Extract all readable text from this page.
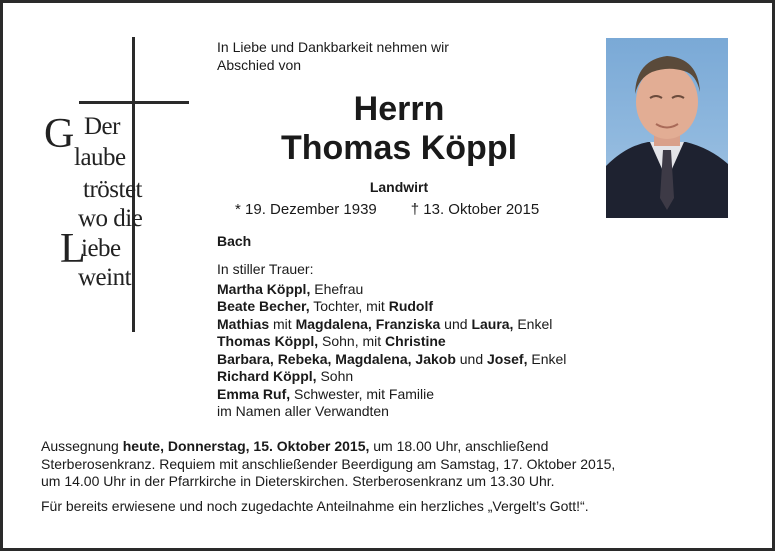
G Der
laube
tröstet
wo die
L
iebe
weint
In Liebe und Dankbarkeit nehmen wir
Abschied von
Herrn
Thomas Köppl
Landwirt
* 19. Dezember 1939 † 13. Oktober 2015
Bach
In stiller Trauer:
Martha Köppl, Ehefrau
Beate Becher, Tochter, mit Rudolf
Mathias mit Magdalena, Franziska und Laura, Enkel
Thomas Köppl, Sohn, mit Christine
Barbara, Rebeka, Magdalena, Jakob und Josef, Enkel
Richard Köppl, Sohn
Emma Ruf, Schwester, mit Familie
im Namen aller Verwandten

Aussegnung heute, Donnerstag, 15. Oktober 2015, um 18.00 Uhr, anschließend

Sterberosenkranz. Requiem mit anschließender Beerdigung am Samstag, 17. Oktober 2015,

um 14.00 Uhr in der Pfarrkirche in Dieterskirchen. Sterberosenkranz um 13.30 Uhr.

Für bereits erwiesene und noch zugedachte Anteilnahme ein herzliches „Vergelt’s Gott!“.
